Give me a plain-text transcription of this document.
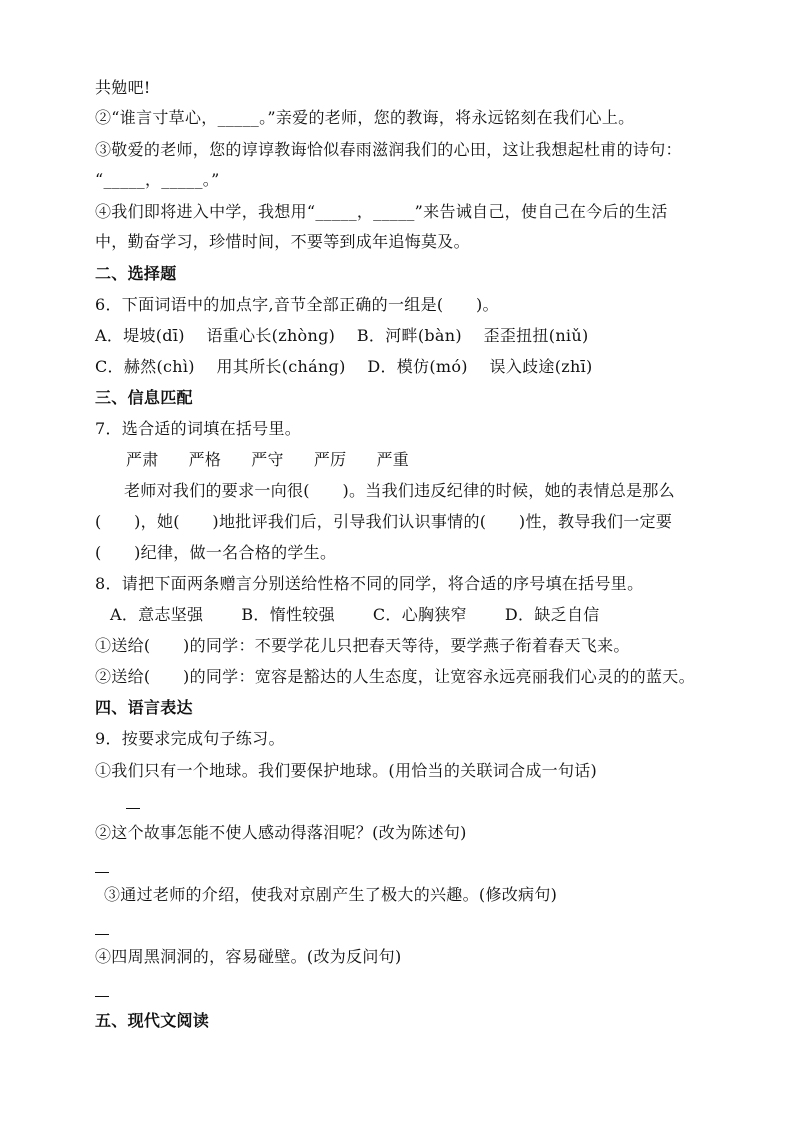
共勉吧!
②“谁言寸草心，_____。”亲爱的老师，您的教诲，将永远铭刻在我们心上。
③敬爱的老师，您的谆谆教诲恰似春雨滋润我们的心田，这让我想起杜甫的诗句：
“_____，_____。”
④我们即将进入中学，我想用“_____，_____”来告诫自己，使自己在今后的生活
中，勤奋学习，珍惜时间，不要等到成年追悔莫及。
二、选择题
6．下面词语中的加点字,音节全部正确的一组是(　　)。
A．堤坡(dī)　 语重心长(zhònɡ)　 B．河畔(bàn)　 歪歪扭扭(niǔ)
C．赫然(chì)　 用其所长(chánɡ)　 D．模仿(mó)　 误入歧途(zhī)
三、信息匹配
7．选合适的词填在括号里。
严肃 严格 严守 严厉 严重
老师对我们的要求一向很(　　)。当我们违反纪律的时候，她的表情总是那么
(　　)，她(　　)地批评我们后，引导我们认识事情的(　　)性，教导我们一定要
(　　)纪律，做一名合格的学生。
8．请把下面两条赠言分别送给性格不同的同学，将合适的序号填在括号里。
A．意志坚强　　 B．惰性较强　　 C．心胸狭窄　　 D．缺乏自信
①送给(　　)的同学：不要学花儿只把春天等待，要学燕子衔着春天飞来。
②送给(　　)的同学：宽容是豁达的人生态度，让宽容永远亮丽我们心灵的的蓝天。
四、语言表达
9．按要求完成句子练习。
①我们只有一个地球。我们要保护地球。(用恰当的关联词合成一句话)
②这个故事怎能不使人感动得落泪呢？(改为陈述句)
③通过老师的介绍，使我对京剧产生了极大的兴趣。(修改病句)
④四周黑洞洞的，容易碰壁。(改为反问句)
五、现代文阅读
